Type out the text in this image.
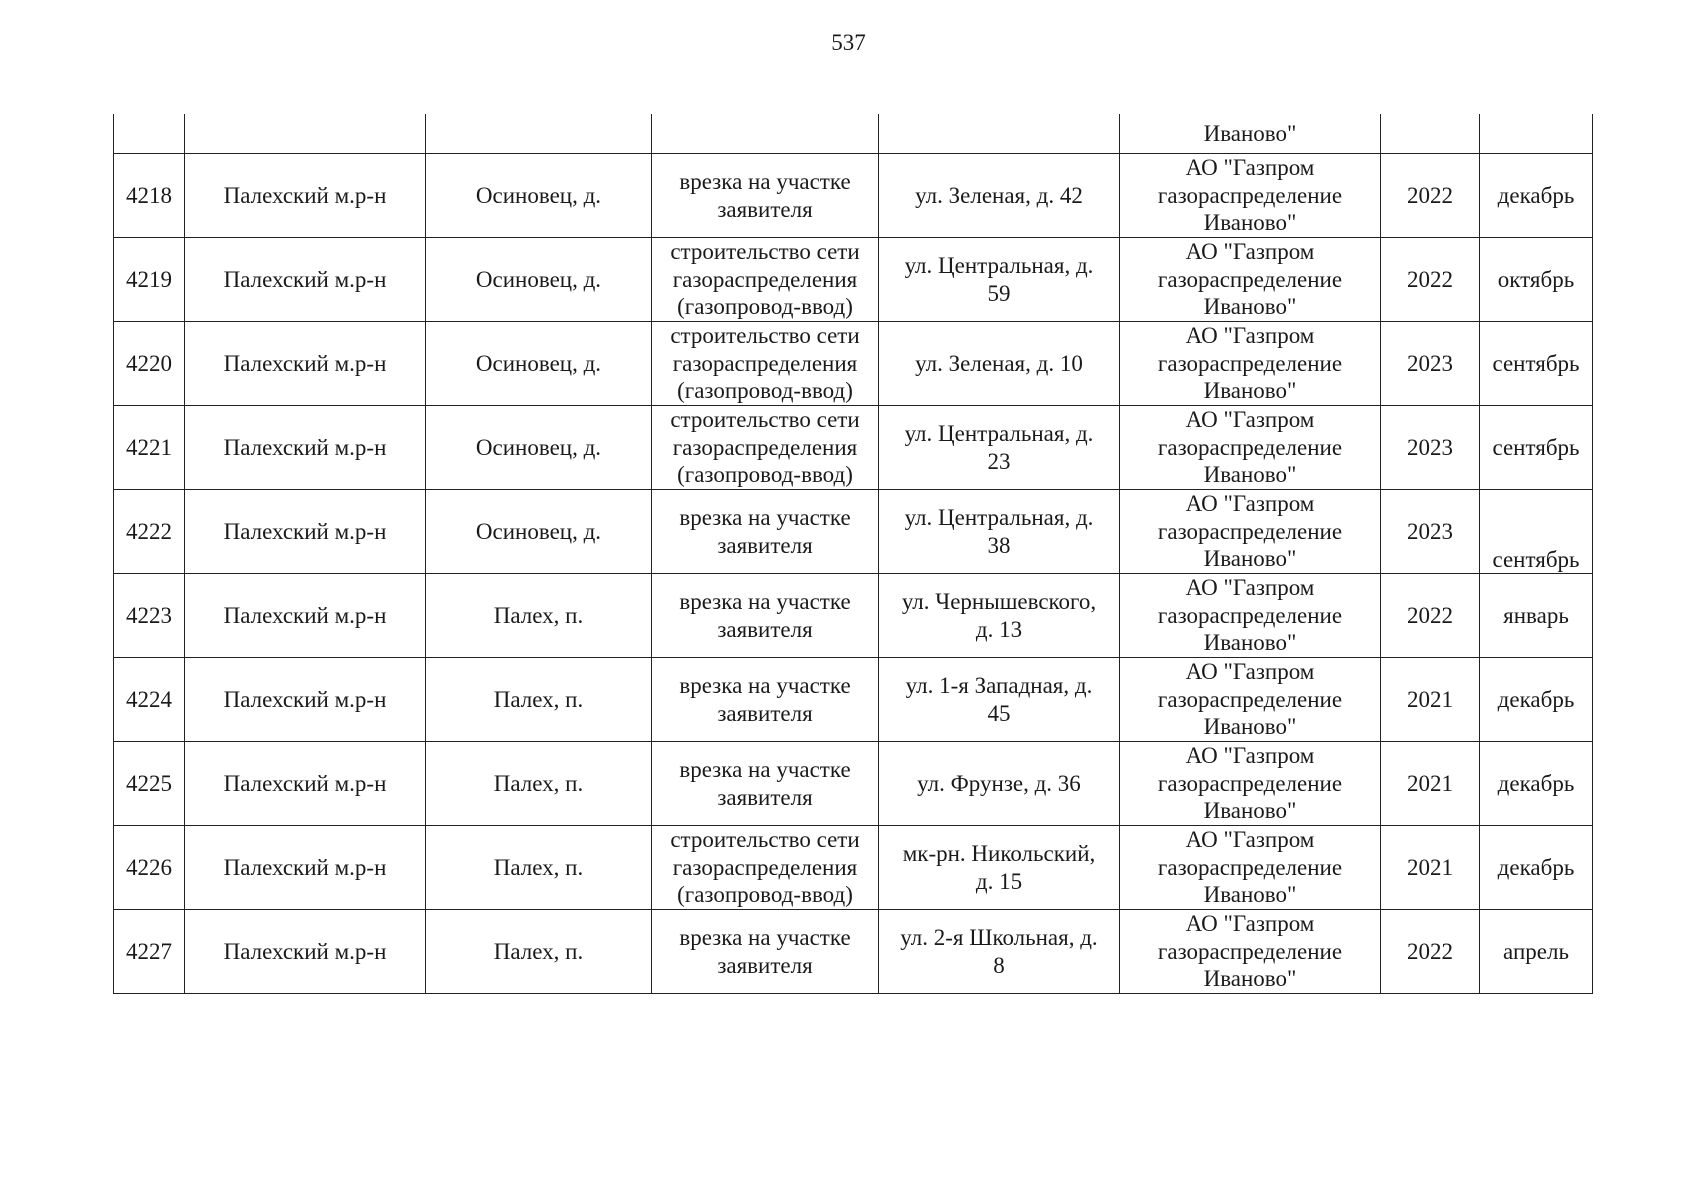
537
					Иваново"		
4218	Палехский м.р-н	Осиновец, д.	врезка на участке
заявителя	ул. Зеленая, д. 42	АО "Газпром
газораспределение
Иваново"	2022	декабрь
4219	Палехский м.р-н	Осиновец, д.	строительство сети
газораспределения
(газопровод-ввод)	ул. Центральная, д.
59	АО "Газпром
газораспределение
Иваново"	2022	октябрь
4220	Палехский м.р-н	Осиновец, д.	строительство сети
газораспределения
(газопровод-ввод)	ул. Зеленая, д. 10	АО "Газпром
газораспределение
Иваново"	2023	сентябрь
4221	Палехский м.р-н	Осиновец, д.	строительство сети
газораспределения
(газопровод-ввод)	ул. Центральная, д.
23	АО "Газпром
газораспределение
Иваново"	2023	сентябрь
4222	Палехский м.р-н	Осиновец, д.	врезка на участке
заявителя	ул. Центральная, д.
38	АО "Газпром
газораспределение
Иваново"	2023	сентябрь
4223	Палехский м.р-н	Палех, п.	врезка на участке
заявителя	ул. Чернышевского,
д. 13	АО "Газпром
газораспределение
Иваново"	2022	январь
4224	Палехский м.р-н	Палех, п.	врезка на участке
заявителя	ул. 1-я Западная, д.
45	АО "Газпром
газораспределение
Иваново"	2021	декабрь
4225	Палехский м.р-н	Палех, п.	врезка на участке
заявителя	ул. Фрунзе, д. 36	АО "Газпром
газораспределение
Иваново"	2021	декабрь
4226	Палехский м.р-н	Палех, п.	строительство сети
газораспределения
(газопровод-ввод)	мк-рн. Никольский,
д. 15	АО "Газпром
газораспределение
Иваново"	2021	декабрь
4227	Палехский м.р-н	Палех, п.	врезка на участке
заявителя	ул. 2-я Школьная, д.
8	АО "Газпром
газораспределение
Иваново"	2022	апрель
